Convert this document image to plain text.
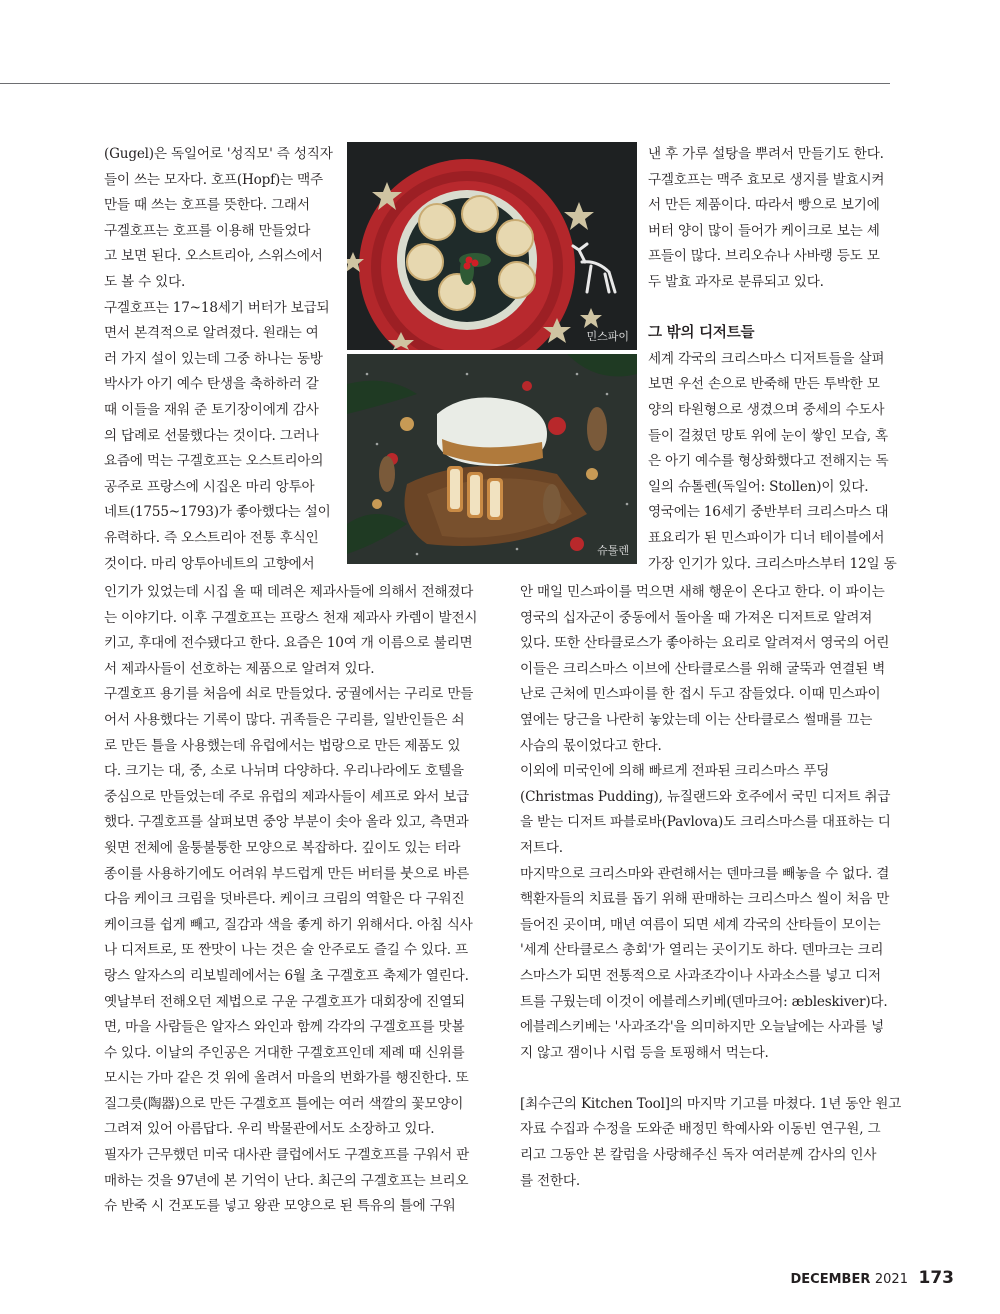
(Gugel)은 독일어로 '성직모' 즉 성직자

들이 쓰는 모자다. 호프(Hopf)는 맥주

만들 때 쓰는 호프를 뜻한다. 그래서

구겔호프는 호프를 이용해 만들었다

고 보면 된다. 오스트리아, 스위스에서

도 볼 수 있다.

구겔호프는 17~18세기 버터가 보급되

면서 본격적으로 알려졌다. 원래는 여

러 가지 설이 있는데 그중 하나는 동방

박사가 아기 예수 탄생을 축하하러 갈

때 이들을 재워 준 토기장이에게 감사

의 답례로 선물했다는 것이다. 그러나

요즘에 먹는 구겔호프는 오스트리아의

공주로 프랑스에 시집온 마리 앙투아

네트(1755~1793)가 좋아했다는 설이

유력하다. 즉 오스트리아 전통 후식인

것이다. 마리 앙투아네트의 고향에서

민스파이
슈톨렌

낸 후 가루 설탕을 뿌려서 만들기도 한다.

구겔호프는 맥주 효모로 생지를 발효시켜

서 만든 제품이다. 따라서 빵으로 보기에

버터 양이 많이 들어가 케이크로 보는 셰

프들이 많다. 브리오슈나 사바랭 등도 모

두 발효 과자로 분류되고 있다.

그 밖의 디저트들

세계 각국의 크리스마스 디저트들을 살펴

보면 우선 손으로 반죽해 만든 투박한 모

양의 타원형으로 생겼으며 중세의 수도사

들이 걸쳤던 망토 위에 눈이 쌓인 모습, 혹

은 아기 예수를 형상화했다고 전해지는 독

일의 슈톨렌(독일어: Stollen)이 있다.

영국에는 16세기 중반부터 크리스마스 대

표요리가 된 민스파이가 디너 테이블에서

가장 인기가 있다. 크리스마스부터 12일 동

인기가 있었는데 시집 올 때 데려온 제과사들에 의해서 전해졌다

는 이야기다. 이후 구겔호프는 프랑스 천재 제과사 카렘이 발전시

키고, 후대에 전수됐다고 한다. 요즘은 10여 개 이름으로 불리면

서 제과사들이 선호하는 제품으로 알려져 있다.

구겔호프 용기를 처음에 쇠로 만들었다. 궁궐에서는 구리로 만들

어서 사용했다는 기록이 많다. 귀족들은 구리를, 일반인들은 쇠

로 만든 틀을 사용했는데 유럽에서는 법랑으로 만든 제품도 있

다. 크기는 대, 중, 소로 나뉘며 다양하다. 우리나라에도 호텔을

중심으로 만들었는데 주로 유럽의 제과사들이 셰프로 와서 보급

했다. 구겔호프를 살펴보면 중앙 부분이 솟아 올라 있고, 측면과

윗면 전체에 울퉁불퉁한 모양으로 복잡하다. 깊이도 있는 터라

종이를 사용하기에도 어려워 부드럽게 만든 버터를 붓으로 바른

다음 케이크 크림을 덧바른다. 케이크 크림의 역할은 다 구워진

케이크를 쉽게 빼고, 질감과 색을 좋게 하기 위해서다. 아침 식사

나 디저트로, 또 짠맛이 나는 것은 술 안주로도 즐길 수 있다. 프

랑스 알자스의 리보빌레에서는 6월 초 구겔호프 축제가 열린다.

옛날부터 전해오던 제법으로 구운 구겔호프가 대회장에 진열되

면, 마을 사람들은 알자스 와인과 함께 각각의 구겔호프를 맛볼

수 있다. 이날의 주인공은 거대한 구겔호프인데 제례 때 신위를

모시는 가마 같은 것 위에 올려서 마을의 번화가를 행진한다. 또

질그릇(陶器)으로 만든 구겔호프 틀에는 여러 색깔의 꽃모양이

그려져 있어 아름답다. 우리 박물관에서도 소장하고 있다.

필자가 근무했던 미국 대사관 클럽에서도 구겔호프를 구워서 판

매하는 것을 97년에 본 기억이 난다. 최근의 구겔호프는 브리오

슈 반죽 시 건포도를 넣고 왕관 모양으로 된 특유의 틀에 구워

안 매일 민스파이를 먹으면 새해 행운이 온다고 한다. 이 파이는

영국의 십자군이 중동에서 돌아올 때 가져온 디저트로 알려져

있다. 또한 산타클로스가 좋아하는 요리로 알려져서 영국의 어린

이들은 크리스마스 이브에 산타클로스를 위해 굴뚝과 연결된 벽

난로 근처에 민스파이를 한 접시 두고 잠들었다. 이때 민스파이

옆에는 당근을 나란히 놓았는데 이는 산타클로스 썰매를 끄는

사슴의 몫이었다고 한다.

이외에 미국인에 의해 빠르게 전파된 크리스마스 푸딩

(Christmas Pudding), 뉴질랜드와 호주에서 국민 디저트 취급

을 받는 디저트 파블로바(Pavlova)도 크리스마스를 대표하는 디

저트다.

마지막으로 크리스마와 관련해서는 덴마크를 빼놓을 수 없다. 결

핵환자들의 치료를 돕기 위해 판매하는 크리스마스 씰이 처음 만

들어진 곳이며, 매년 여름이 되면 세계 각국의 산타들이 모이는

'세계 산타클로스 총회'가 열리는 곳이기도 하다. 덴마크는 크리

스마스가 되면 전통적으로 사과조각이나 사과소스를 넣고 디저

트를 구웠는데 이것이 에블레스키베(덴마크어: æbleskiver)다.

에블레스키베는 '사과조각'을 의미하지만 오늘날에는 사과를 넣

지 않고 잼이나 시럽 등을 토핑해서 먹는다.

[최수근의 Kitchen Tool]의 마지막 기고를 마쳤다. 1년 동안 원고

자료 수집과 수정을 도와준 배정민 학예사와 이동빈 연구원, 그

리고 그동안 본 칼럼을 사랑해주신 독자 여러분께 감사의 인사

를 전한다.

DECEMBER 2021 173
